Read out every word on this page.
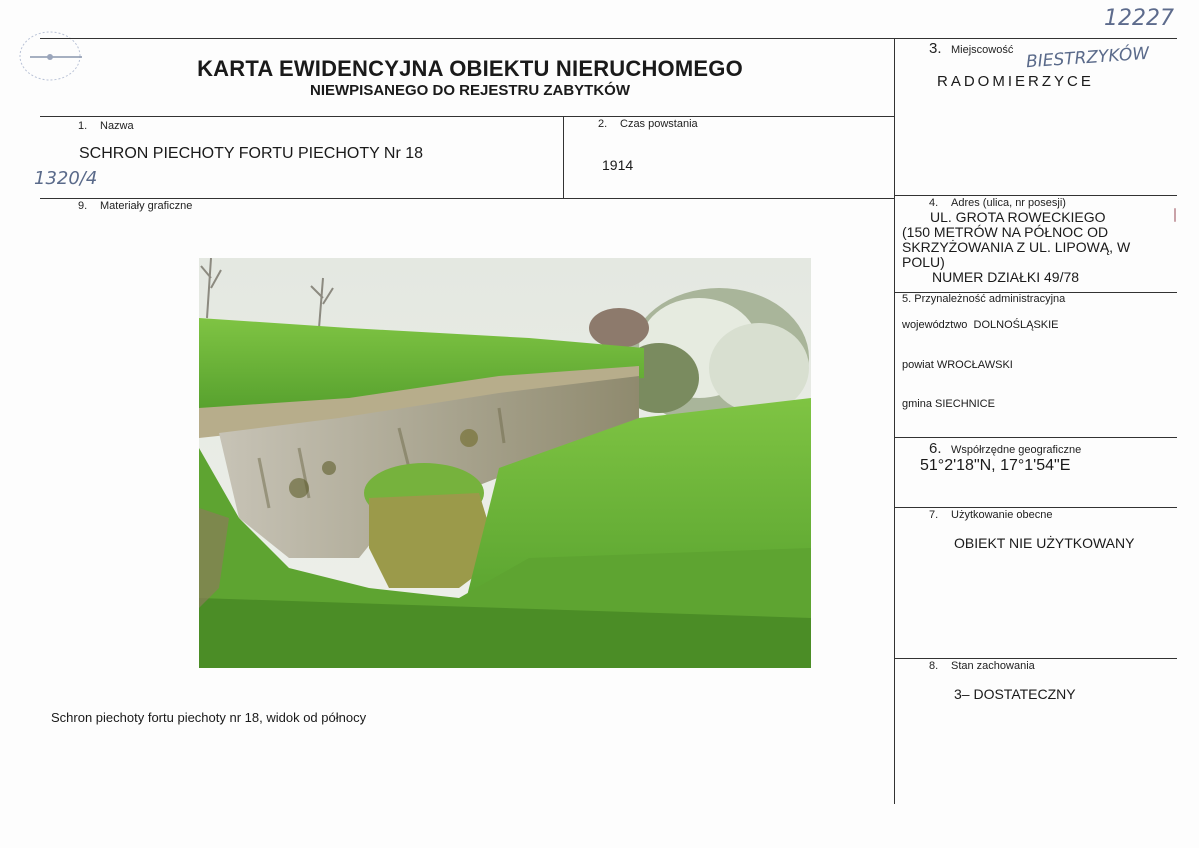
12227
KARTA EWIDENCYJNA OBIEKTU NIERUCHOMEGO
NIEWPISANEGO DO REJESTRU ZABYTKÓW
1. Nazwa
SCHRON PIECHOTY FORTU PIECHOTY Nr 18
1320/4
2. Czas powstania
1914
3. Miejscowość BIESTRZYKÓW
RADOMIERZYCE
9. Materiały graficzne
Schron piechoty fortu piechoty nr 18, widok od północy
4. Adres (ulica, nr posesji)
UL. GROTA ROWECKIEGO
(150 METRÓW NA PÓŁNOC OD
SKRZYŻOWANIA Z UL. LIPOWĄ, W
POLU)
NUMER DZIAŁKI 49/78
5. Przynależność administracyjna
województwo DOLNOŚLĄSKIE
powiat WROCŁAWSKI
gmina SIECHNICE
6. Współrzędne geograficzne
51°2'18"N, 17°1'54"E
7. Użytkowanie obecne
OBIEKT NIE UŻYTKOWANY
8. Stan zachowania
3– DOSTATECZNY
